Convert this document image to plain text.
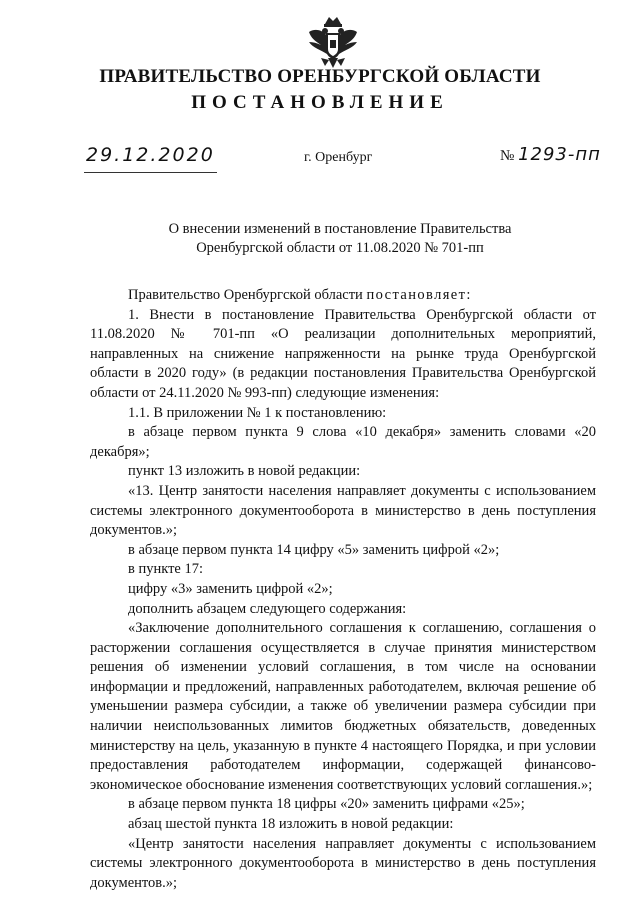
ПРАВИТЕЛЬСТВО ОРЕНБУРГСКОЙ ОБЛАСТИ
ПОСТАНОВЛЕНИЕ
29.12.2020	г. Оренбург	№ 1293-пп
О внесении изменений в постановление Правительства
Оренбургской области от 11.08.2020 № 701-пп

Правительство Оренбургской области постановляет:

1. Внести в постановление Правительства Оренбургской области от 11.08.2020 № 701-пп «О реализации дополнительных мероприятий, направленных на снижение напряженности на рынке труда Оренбургской области в 2020 году» (в редакции постановления Правительства Оренбургской области от 24.11.2020 № 993-пп) следующие изменения:

1.1. В приложении № 1 к постановлению:

в абзаце первом пункта 9 слова «10 декабря» заменить словами «20 декабря»;

пункт 13 изложить в новой редакции:

«13. Центр занятости населения направляет документы с использованием системы электронного документооборота в министерство в день поступления документов.»;

в абзаце первом пункта 14 цифру «5» заменить цифрой «2»;

в пункте 17:

цифру «3» заменить цифрой «2»;

дополнить абзацем следующего содержания:

«Заключение дополнительного соглашения к соглашению, соглашения о расторжении соглашения осуществляется в случае принятия министерством решения об изменении условий соглашения, в том числе на основании информации и предложений, направленных работодателем, включая решение об уменьшении размера субсидии, а также об увеличении размера субсидии при наличии неиспользованных лимитов бюджетных обязательств, доведенных министерству на цель, указанную в пункте 4 настоящего Порядка, и при условии предоставления работодателем информации, содержащей финансово-экономическое обоснование изменения соответствующих условий соглашения.»;

в абзаце первом пункта 18 цифры «20» заменить цифрами «25»;

абзац шестой пункта 18 изложить в новой редакции:

«Центр занятости населения направляет документы с использованием системы электронного документооборота в министерство в день поступления документов.»;
